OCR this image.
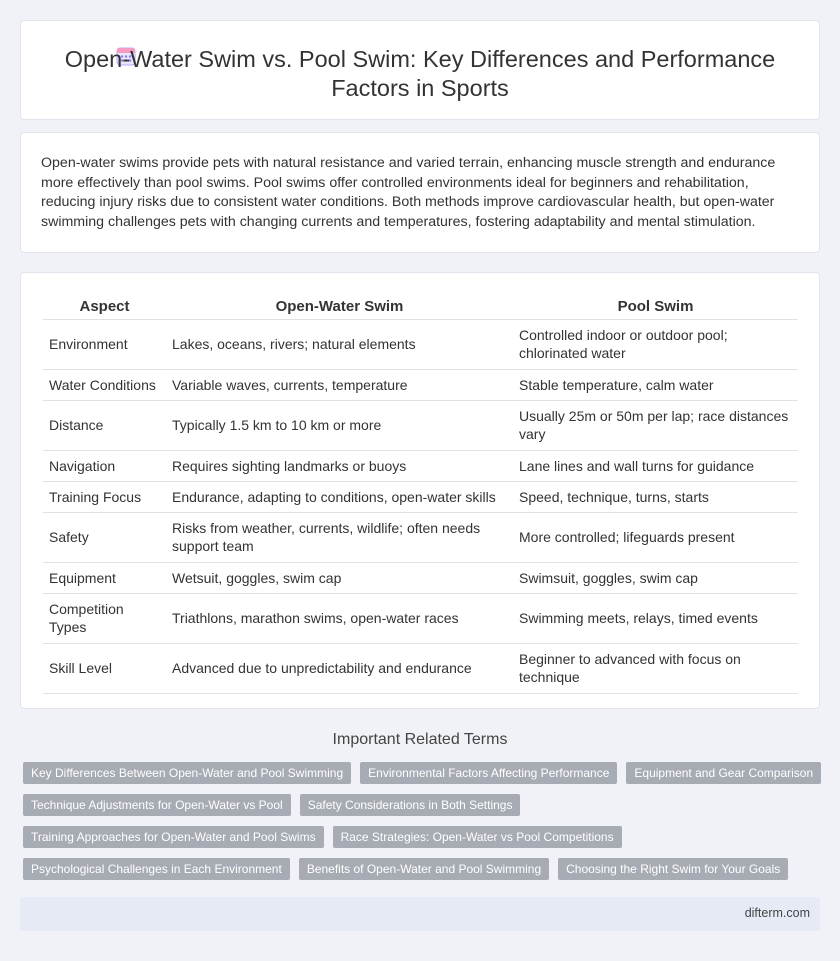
Open-Water Swim vs. Pool Swim: Key Differences and Performance Factors in Sports

Open-water swims provide pets with natural resistance and varied terrain, enhancing muscle strength and endurance more effectively than pool swims. Pool swims offer controlled environments ideal for beginners and rehabilitation, reducing injury risks due to consistent water conditions. Both methods improve cardiovascular health, but open-water swimming challenges pets with changing currents and temperatures, fostering adaptability and mental stimulation.

Aspect	Open-Water Swim	Pool Swim
Environment	Lakes, oceans, rivers; natural elements	Controlled indoor or outdoor pool; chlorinated water
Water Conditions	Variable waves, currents, temperature	Stable temperature, calm water
Distance	Typically 1.5 km to 10 km or more	Usually 25m or 50m per lap; race distances vary
Navigation	Requires sighting landmarks or buoys	Lane lines and wall turns for guidance
Training Focus	Endurance, adapting to conditions, open-water skills	Speed, technique, turns, starts
Safety	Risks from weather, currents, wildlife; often needs support team	More controlled; lifeguards present
Equipment	Wetsuit, goggles, swim cap	Swimsuit, goggles, swim cap
Competition Types	Triathlons, marathon swims, open-water races	Swimming meets, relays, timed events
Skill Level	Advanced due to unpredictability and endurance	Beginner to advanced with focus on technique
Important Related Terms
Key Differences Between Open-Water and Pool Swimming	Environmental Factors Affecting Performance	Equipment and Gear Comparison
Technique Adjustments for Open-Water vs Pool	Safety Considerations in Both Settings
Training Approaches for Open-Water and Pool Swims	Race Strategies: Open-Water vs Pool Competitions
Psychological Challenges in Each Environment	Benefits of Open-Water and Pool Swimming	Choosing the Right Swim for Your Goals
difterm.com
